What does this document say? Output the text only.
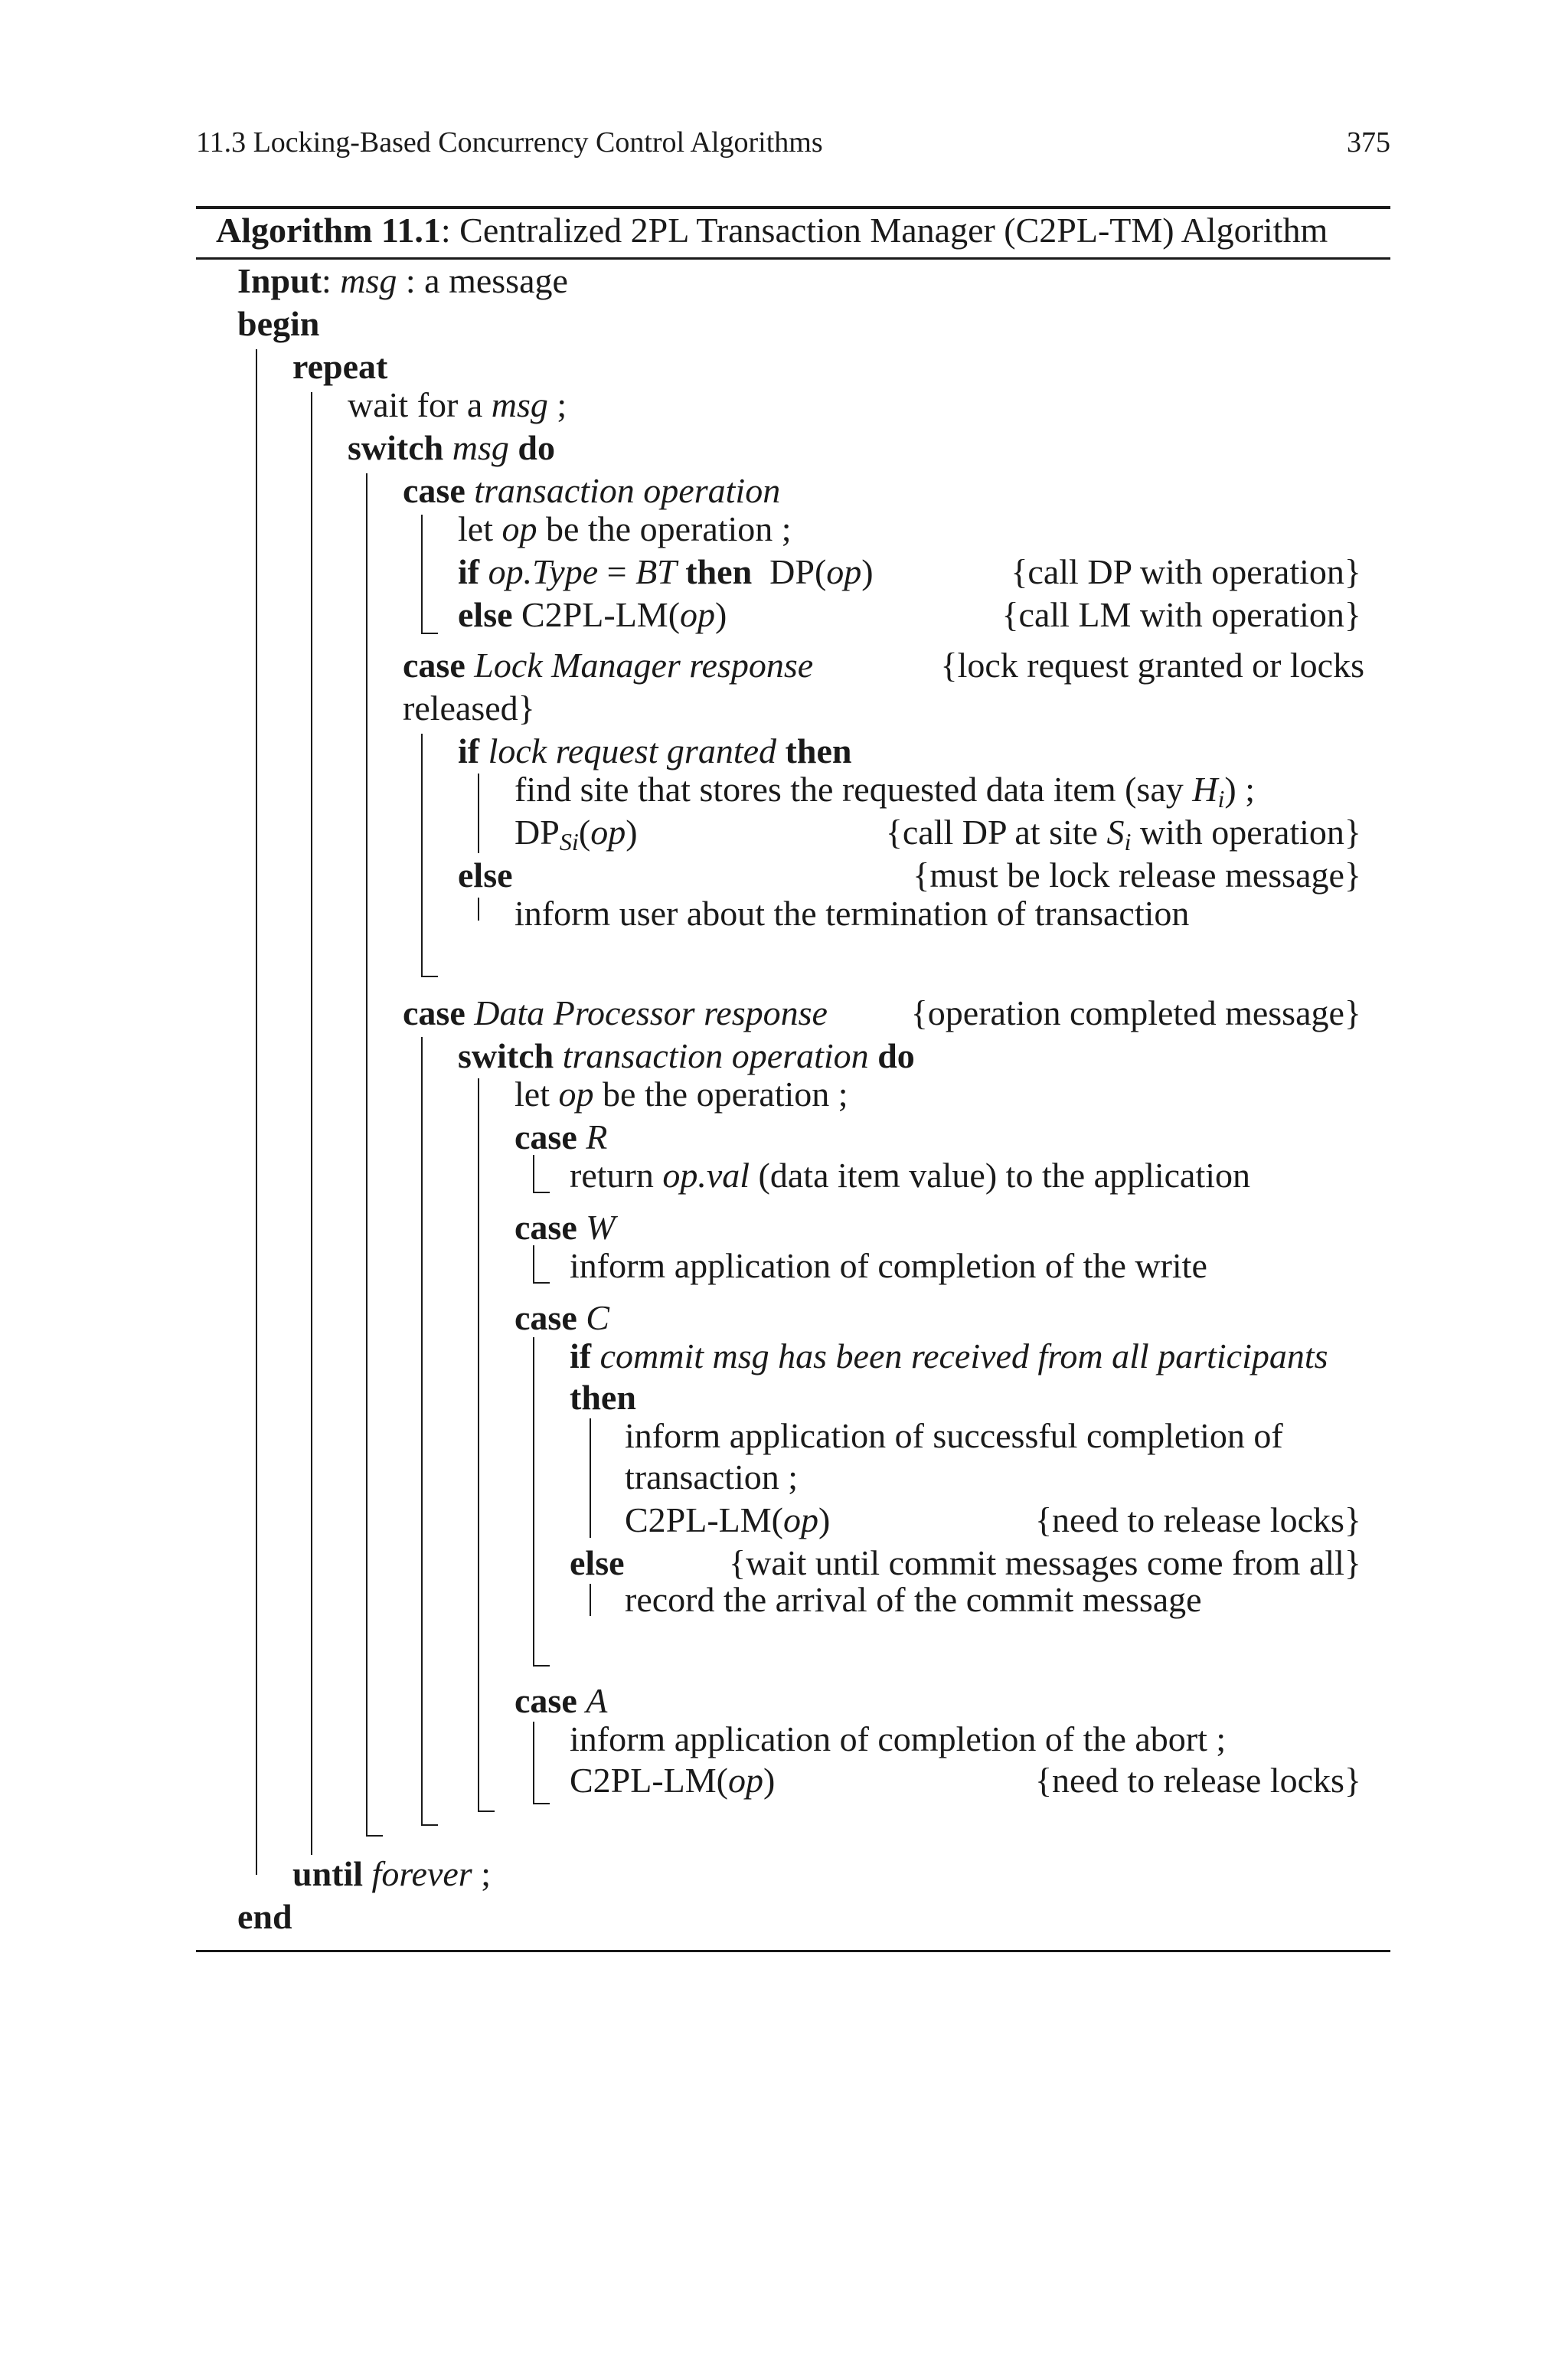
11.3 Locking-Based Concurrency Control Algorithms	375
Algorithm 11.1: Centralized 2PL Transaction Manager (C2PL-TM) Algorithm
Input: msg : a message
begin
repeat
wait for a msg ;
switch msg do
case transaction operation
let op be the operation ;
if op.Type = BT then  DP(op)	{call DP with operation}
else C2PL-LM(op)	{call LM with operation}
case Lock Manager response	{lock request granted or locks
released}
if lock request granted then
find site that stores the requested data item (say $H_i$) ;
$DP_{Si}(op)$	{call DP at site $S_i$ with operation}
else	{must be lock release message}
inform user about the termination of transaction
case Data Processor response {operation completed message}
switch transaction operation do
let op be the operation ;
case R
return op.val (data item value) to the application
case W
inform application of completion of the write
case C
if commit msg has been received from all participants
then
inform application of successful completion of
transaction ;
C2PL-LM(op)	{need to release locks}
else	{wait until commit messages come from all}
record the arrival of the commit message
case A
inform application of completion of the abort ;
C2PL-LM(op)	{need to release locks}
until forever ;
end
